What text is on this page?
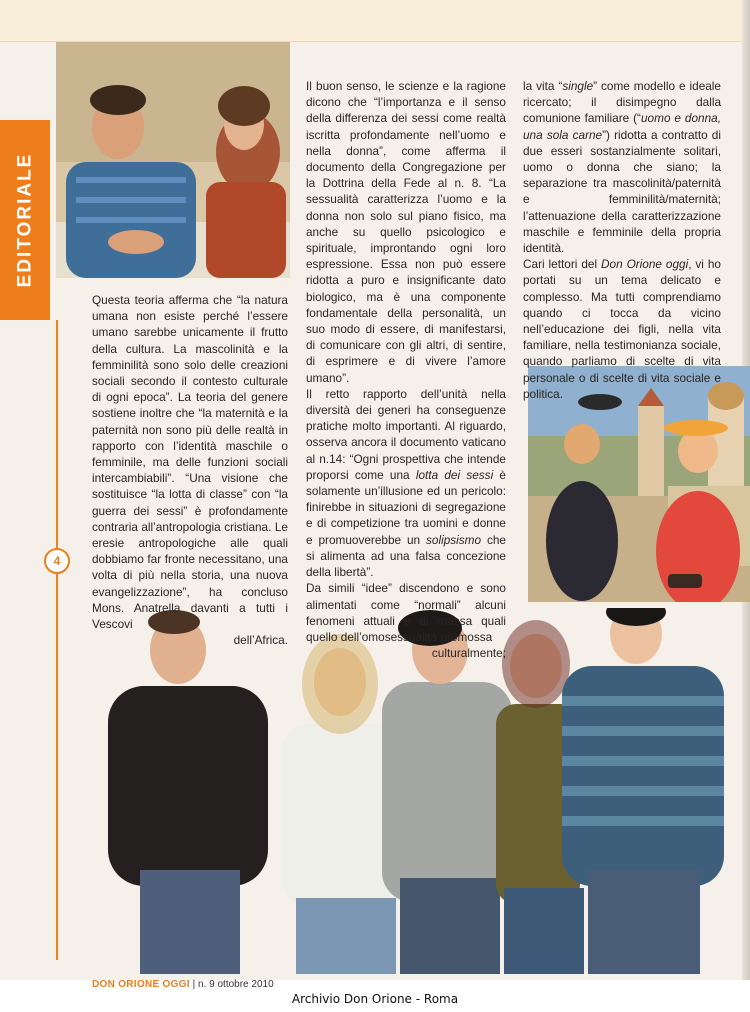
EDITORIALE
4

Questa teoria afferma che “la natura umana non esiste perché l’essere umano sarebbe unicamente il frutto della cultura. La mascolinità e la femminilità sono solo delle creazioni sociali secondo il contesto culturale di ogni epoca”. La teoria del genere sostiene inoltre che “la maternità e la paternità non sono più delle realtà in rapporto con l’identità maschile o femminile, ma delle funzioni sociali intercambiabili”. “Una visione che sostituisce “la lotta di classe” con “la guerra dei sessi” è profondamente contraria all’antropologia cristiana. Le eresie antropologiche alle quali dobbiamo far fronte necessitano, una volta di più nella storia, una nuova evangelizzazione”, ha concluso Mons. Anatrella davanti a tutti i Vescovi

dell’Africa.

Il buon senso, le scienze e la ragione dicono che “l’importanza e il senso della differenza dei sessi come realtà iscritta profondamente nell’uomo e nella donna”, come afferma il documento della Congregazione per la Dottrina della Fede al n. 8. “La sessualità caratterizza l’uomo e la donna non solo sul piano fisico, ma anche su quello psicologico e spirituale, improntando ogni loro espressione. Essa non può essere ridotta a puro e insignificante dato biologico, ma è una componente fondamentale della personalità, un suo modo di essere, di manifestarsi, di comunicare con gli altri, di sentire, di esprimere e di vivere l’amore umano”.

Il retto rapporto dell’unità nella diversità dei generi ha conseguenze pratiche molto importanti. Al riguardo, osserva ancora il documento vaticano al n.14: “Ogni prospettiva che intende proporsi come una lotta dei sessi è solamente un’illusione ed un pericolo: finirebbe in situazioni di segregazione e di competizione tra uomini e donne e promuoverebbe un solipsismo che si alimenta ad una falsa concezione della libertà”.

Da simili “idee” discendono e sono alimentati come “normali” alcuni fenomeni attuali e di massa quali quello dell’omosessualità promossa

culturalmente;

la vita “single” come modello e ideale ricercato; il disimpegno dalla comunione familiare (“uomo e donna, una sola carne”) ridotta a contratto di due esseri sostanzialmente solitari, uomo o donna che siano; la separazione tra mascolinità/paternità e femminilità/maternità; l’attenuazione della caratterizzazione maschile e femminile della propria identità.

Cari lettori del Don Orione oggi, vi ho portati su un tema delicato e complesso. Ma tutti comprendiamo quando ci tocca da vicino nell’educazione dei figli, nella vita familiare, nella testimonianza sociale, quando parliamo di scelte di vita personale o di scelte di vita sociale e politica.

DON ORIONE OGGI | n. 9 ottobre 2010
Archivio Don Orione - Roma
